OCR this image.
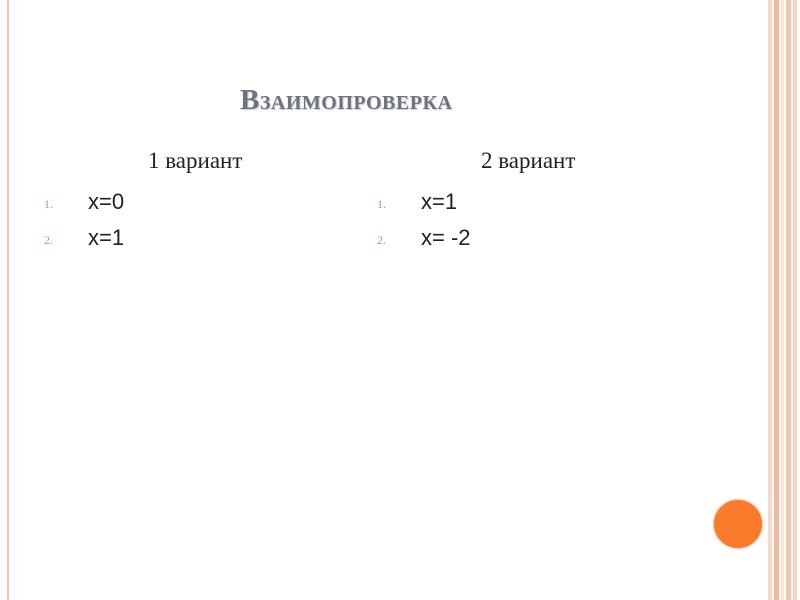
Взаимопроверка
1 вариант	2 вариант
1. x=0
2. x=1
1. x=1
2. x= -2
